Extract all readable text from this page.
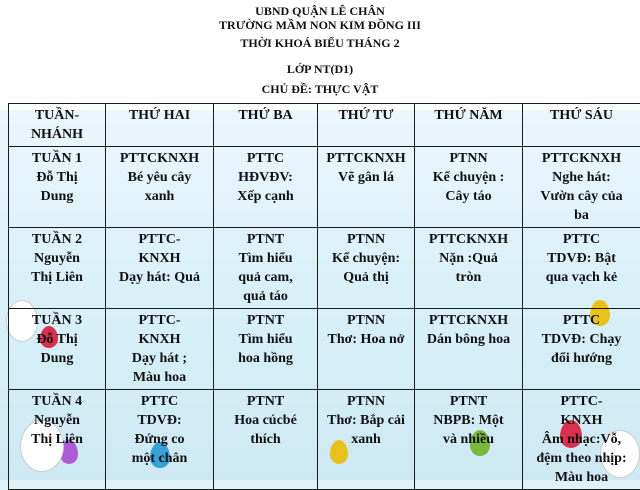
UBND QUẬN LÊ CHÂN
TRƯỜNG MẦM NON KIM ĐỒNG III
THỜI KHOÁ BIỂU THÁNG 2
LỚP NT(D1)
CHỦ ĐỀ: THỰC VẬT
TUẦN-NHÁNH	THỨ HAI	THỨ BA	THỨ TƯ	THỨ NĂM	THỨ SÁU

TUẦN 1
Đỗ Thị
Dung	PTTCKNXH
Bé yêu cây
xanh	PTTC
HĐVĐV:
Xếp cạnh	PTTCKNXH
Vẽ gân lá	PTNN
Kể chuyện :
Cây táo	PTTCKNXH
Nghe hát:
Vườn cây của
ba

TUẦN 2
Nguyễn
Thị Liên	PTTC-
KNXH
Dạy hát: Quả	PTNT
Tìm hiểu
quả cam,
quả táo	PTNN
Kể chuyện:
Quả thị	PTTCKNXH
Nặn :Quả
tròn	PTTC
TDVĐ: Bật
qua vạch kẻ

TUẦN 3
Đỗ Thị
Dung	PTTC-
KNXH
Dạy hát ;
Màu hoa	PTNT
Tìm hiểu
hoa hồng	PTNN
Thơ: Hoa nở	PTTCKNXH
Dán bông hoa	PTTC
TDVĐ: Chạy
đổi hướng

TUẦN 4
Nguyễn
Thị Liên	PTTC
TDVĐ:
Đứng co
một chân	PTNT
Hoa cúcbé
thích	PTNN
Thơ: Bắp cải
xanh	PTNT
NBPB: Một
và nhiều	PTTC-
KNXH
Âm nhạc:Vỗ,
đệm theo nhịp:
Màu hoa
